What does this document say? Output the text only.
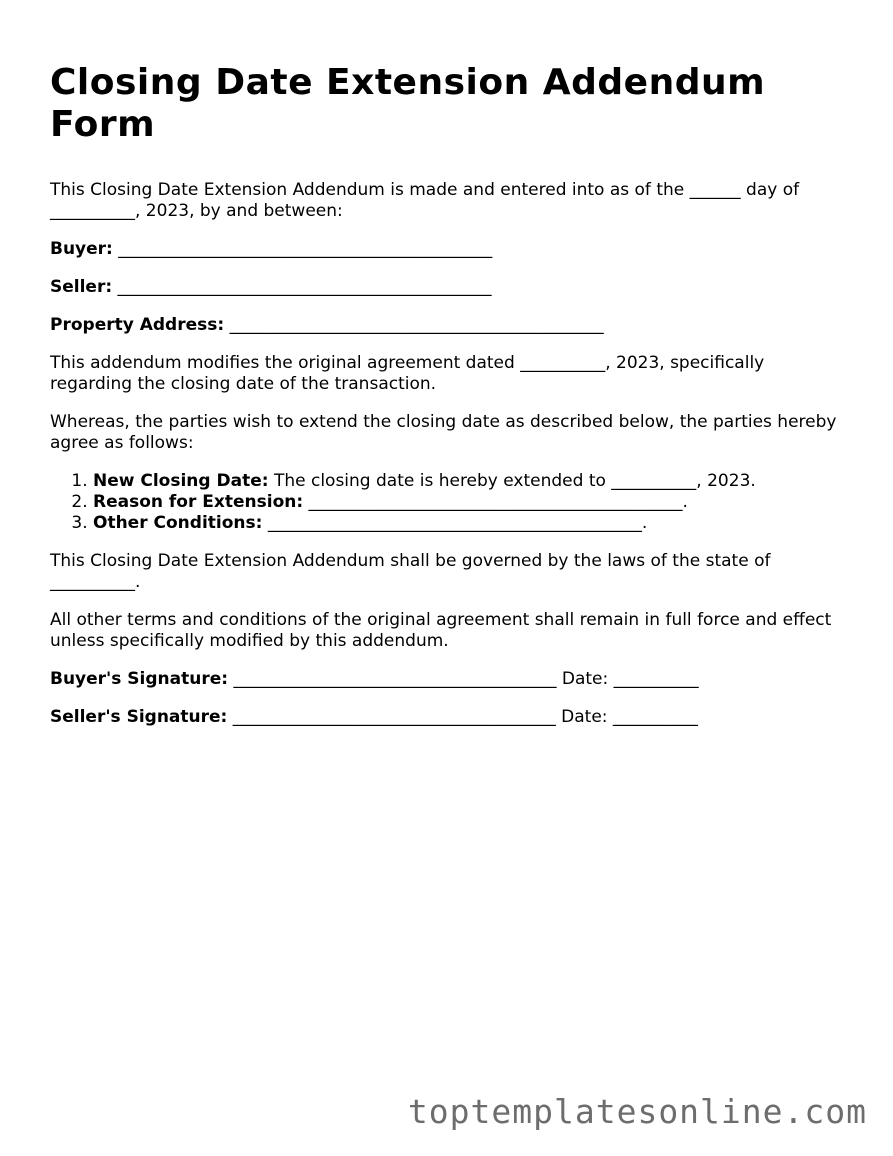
Closing Date Extension Addendum Form

This Closing Date Extension Addendum is made and entered into as of the ______ day of __________, 2023, by and between:

Buyer: ____________________________________________
Seller: ____________________________________________
Property Address: ____________________________________________

This addendum modifies the original agreement dated __________, 2023, specifically regarding the closing date of the transaction.

Whereas, the parties wish to extend the closing date as described below, the parties hereby agree as follows:

1. New Closing Date: The closing date is hereby extended to __________, 2023.
2. Reason for Extension: ____________________________________________.
3. Other Conditions: ____________________________________________.

This Closing Date Extension Addendum shall be governed by the laws of the state of __________.

All other terms and conditions of the original agreement shall remain in full force and effect unless specifically modified by this addendum.

Buyer's Signature: ______________________________________ Date: __________
Seller's Signature: ______________________________________ Date: __________
toptemplatesonline.com
